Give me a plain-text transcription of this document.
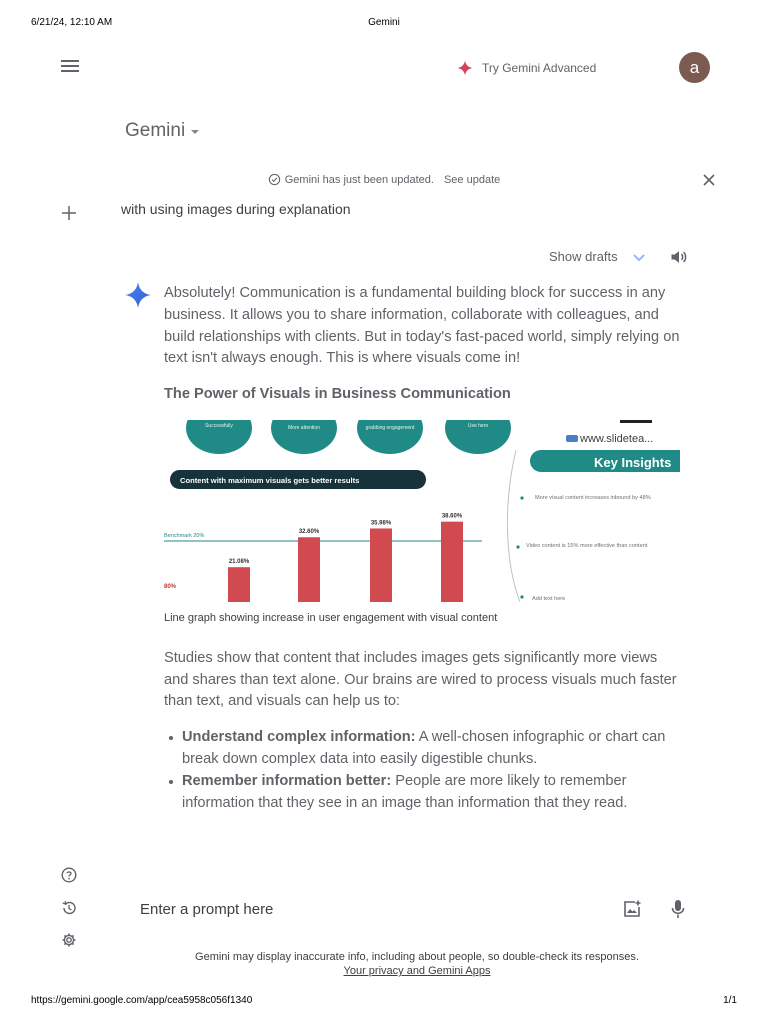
6/21/24, 12:10 AM	Gemini
Try Gemini Advanced	a
Gemini
Gemini has just been updated. See update
with using images during explanation
Show drafts

Absolutely! Communication is a fundamental building block for success in any business. It allows you to share information, collaborate with colleagues, and build relationships with clients. But in today's fast-paced world, simply relying on text isn't always enough. This is where visuals come in!

The Power of Visuals in Business Communication
Successfully	More attention	grabbing engagement	Use here
Content with maximum visuals gets better results
Benchmark 20%
80%
21.08%
32.60%
35.98%
38.60%
www.slidetea...
Key Insights
More visual content increases inbound by 48%
Video content is 15% more effective than content
Add text here
Line graph showing increase in user engagement with visual content

Studies show that content that includes images gets significantly more views and shares than text alone. Our brains are wired to process visuals much faster than text, and visuals can help us to:

Understand complex information: A well-chosen infographic or chart can break down complex data into easily digestible chunks.
Remember information better: People are more likely to remember information that they see in an image than information that they read.
Enter a prompt here
Gemini may display inaccurate info, including about people, so double-check its responses.
Your privacy and Gemini Apps
https://gemini.google.com/app/cea5958c056f1340	1/1
